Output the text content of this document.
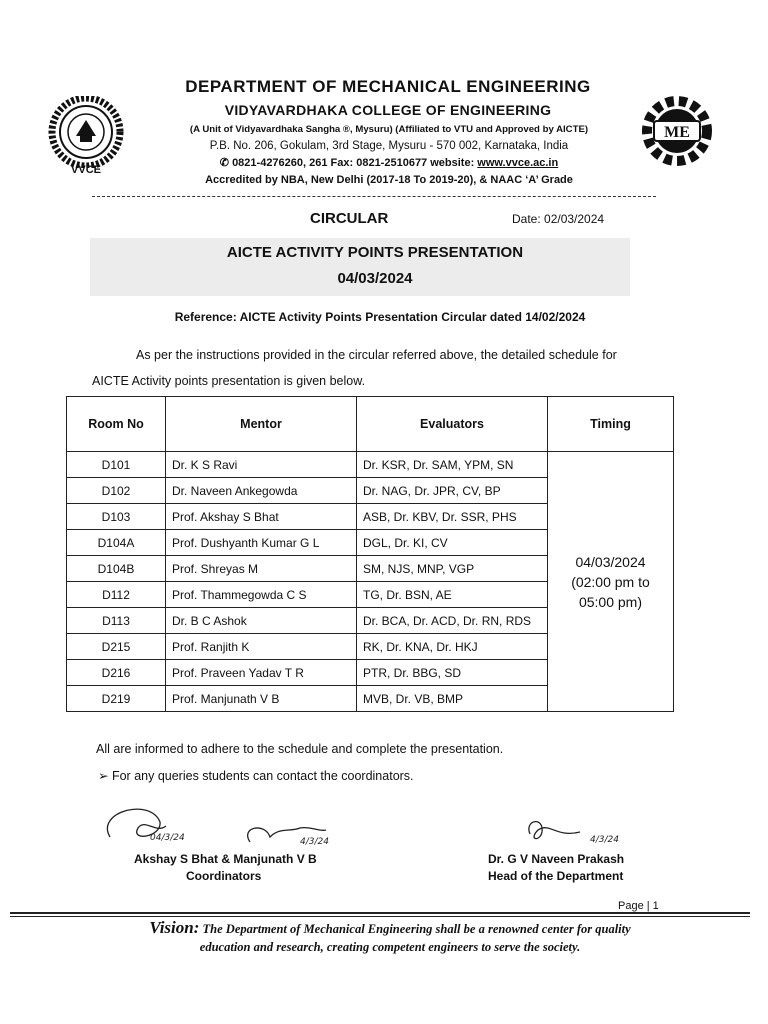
VVCE
ME
DEPARTMENT OF MECHANICAL ENGINEERING
VIDYAVARDHAKA COLLEGE OF ENGINEERING
(A Unit of Vidyavardhaka Sangha ®, Mysuru) (Affiliated to VTU and Approved by AICTE)
P.B. No. 206, Gokulam, 3rd Stage, Mysuru - 570 002, Karnataka, India
✆ 0821-4276260, 261 Fax: 0821-2510677 website: www.vvce.ac.in
Accredited by NBA, New Delhi (2017-18 To 2019-20), & NAAC ‘A’ Grade
CIRCULAR	Date: 02/03/2024
AICTE ACTIVITY POINTS PRESENTATION
04/03/2024
Reference: AICTE Activity Points Presentation Circular dated 14/02/2024
As per the instructions provided in the circular referred above, the detailed schedule for
AICTE Activity points presentation is given below.
Room No	Mentor	Evaluators	Timing
D101	Dr. K S Ravi	Dr. KSR, Dr. SAM, YPM, SN	04/03/2024
(02:00 pm to
05:00 pm)
D102	Dr. Naveen Ankegowda	Dr. NAG, Dr. JPR, CV, BP	
D103	Prof. Akshay S Bhat	ASB, Dr. KBV, Dr. SSR, PHS	
D104A	Prof. Dushyanth Kumar G L	DGL, Dr. KI, CV	
D104B	Prof. Shreyas M	SM, NJS, MNP, VGP	
D112	Prof. Thammegowda C S	TG, Dr. BSN, AE	
D113	Dr. B C Ashok	Dr. BCA, Dr. ACD, Dr. RN, RDS	
D215	Prof. Ranjith K	RK, Dr. KNA, Dr. HKJ	
D216	Prof. Praveen Yadav T R	PTR, Dr. BBG, SD	
D219	Prof. Manjunath V B	MVB, Dr. VB, BMP	
All are informed to adhere to the schedule and complete the presentation.
➢ For any queries students can contact the coordinators.
04/3/24	4/3/24	4/3/24
Akshay S Bhat & Manjunath V B
Coordinators
Dr. G V Naveen Prakash
Head of the Department
Page | 1
Vision: The Department of Mechanical Engineering shall be a renowned center for quality
education and research, creating competent engineers to serve the society.
